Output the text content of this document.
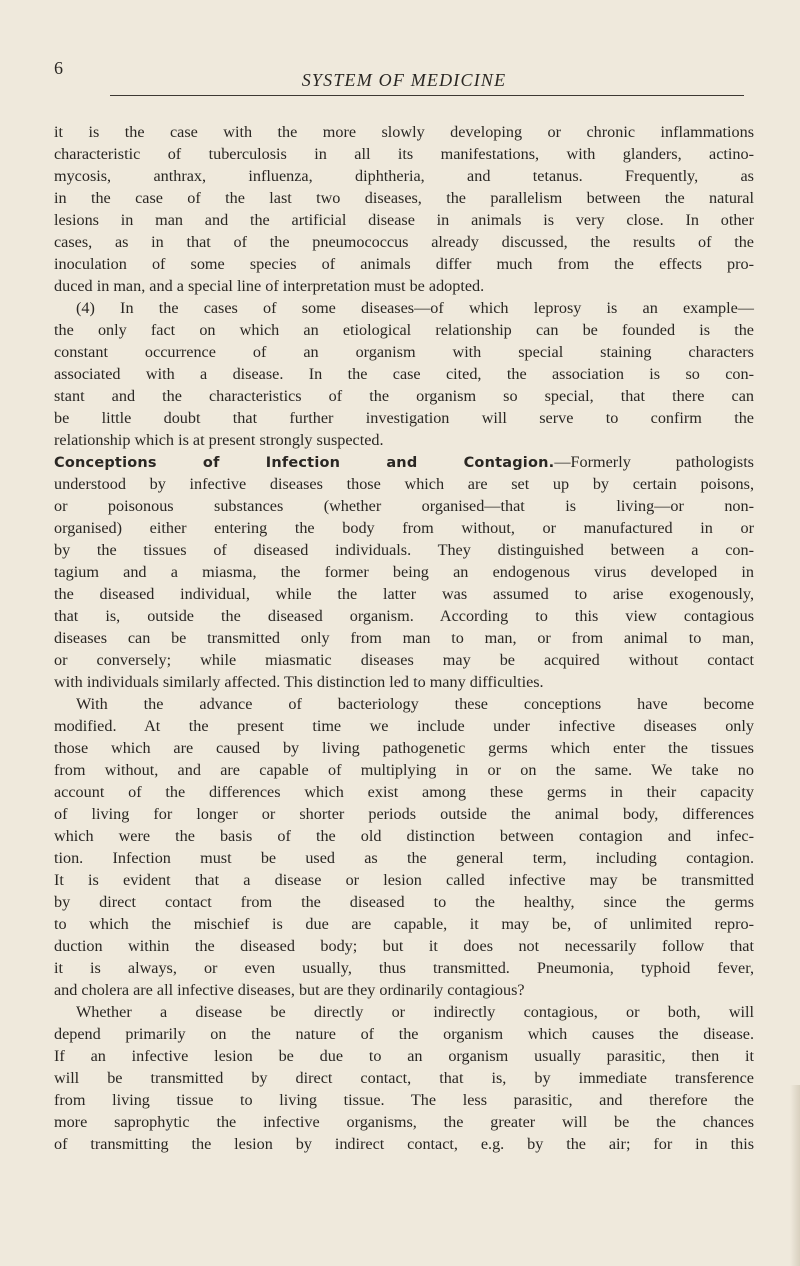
6
SYSTEM OF MEDICINE
it is the case with the more slowly developing or chronic inflammations
characteristic of tuberculosis in all its manifestations, with glanders, actino-
mycosis, anthrax, influenza, diphtheria, and tetanus. Frequently, as
in the case of the last two diseases, the parallelism between the natural
lesions in man and the artificial disease in animals is very close. In other
cases, as in that of the pneumococcus already discussed, the results of the
inoculation of some species of animals differ much from the effects pro-
duced in man, and a special line of interpretation must be adopted.
(4) In the cases of some diseases—of which leprosy is an example—
the only fact on which an etiological relationship can be founded is the
constant occurrence of an organism with special staining characters
associated with a disease. In the case cited, the association is so con-
stant and the characteristics of the organism so special, that there can
be little doubt that further investigation will serve to confirm the
relationship which is at present strongly suspected.
Conceptions of Infection and Contagion.—Formerly pathologists
understood by infective diseases those which are set up by certain poisons,
or poisonous substances (whether organised—that is living—or non-
organised) either entering the body from without, or manufactured in or
by the tissues of diseased individuals. They distinguished between a con-
tagium and a miasma, the former being an endogenous virus developed in
the diseased individual, while the latter was assumed to arise exogenously,
that is, outside the diseased organism. According to this view contagious
diseases can be transmitted only from man to man, or from animal to man,
or conversely; while miasmatic diseases may be acquired without contact
with individuals similarly affected. This distinction led to many difficulties.
With the advance of bacteriology these conceptions have become
modified. At the present time we include under infective diseases only
those which are caused by living pathogenetic germs which enter the tissues
from without, and are capable of multiplying in or on the same. We take no
account of the differences which exist among these germs in their capacity
of living for longer or shorter periods outside the animal body, differences
which were the basis of the old distinction between contagion and infec-
tion. Infection must be used as the general term, including contagion.
It is evident that a disease or lesion called infective may be transmitted
by direct contact from the diseased to the healthy, since the germs
to which the mischief is due are capable, it may be, of unlimited repro-
duction within the diseased body; but it does not necessarily follow that
it is always, or even usually, thus transmitted. Pneumonia, typhoid fever,
and cholera are all infective diseases, but are they ordinarily contagious?
Whether a disease be directly or indirectly contagious, or both, will
depend primarily on the nature of the organism which causes the disease.
If an infective lesion be due to an organism usually parasitic, then it
will be transmitted by direct contact, that is, by immediate transference
from living tissue to living tissue. The less parasitic, and therefore the
more saprophytic the infective organisms, the greater will be the chances
of transmitting the lesion by indirect contact, e.g. by the air; for in this
